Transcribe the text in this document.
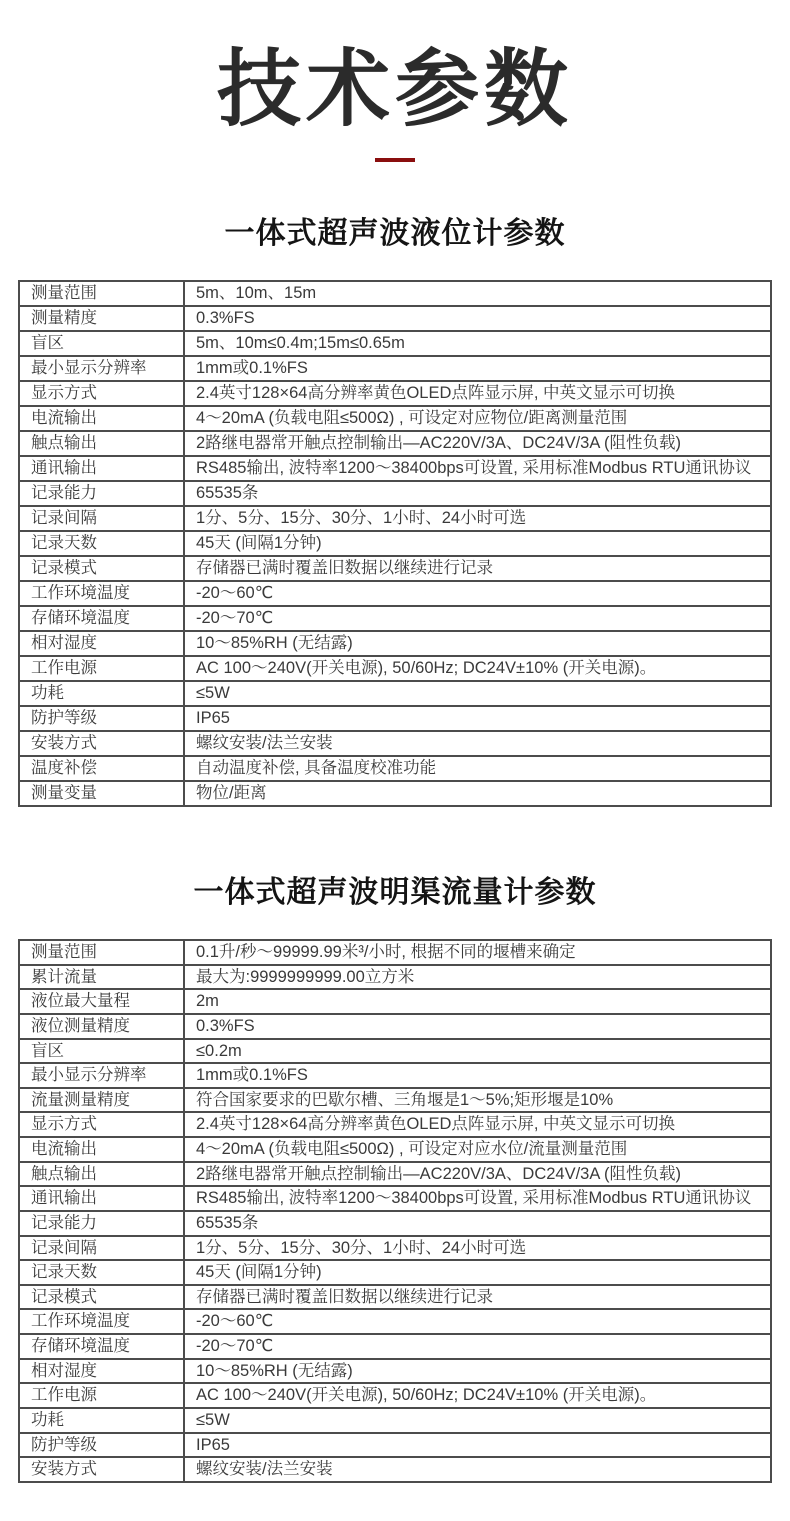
技术参数
一体式超声波液位计参数
测量范围	5m、10m、15m
测量精度	0.3%FS
盲区	5m、10m≤0.4m;15m≤0.65m
最小显示分辨率	1mm或0.1%FS
显示方式	2.4英寸128×64高分辨率黄色OLED点阵显示屏, 中英文显示可切换
电流输出	4～20mA (负载电阻≤500Ω) , 可设定对应物位/距离测量范围
触点输出	2路继电器常开触点控制输出—AC220V/3A、DC24V/3A (阻性负载)
通讯输出	RS485输出, 波特率1200～38400bps可设置, 采用标准Modbus RTU通讯协议
记录能力	65535条
记录间隔	1分、5分、15分、30分、1小时、24小时可选
记录天数	45天 (间隔1分钟)
记录模式	存储器已满时覆盖旧数据以继续进行记录
工作环境温度	-20～60℃
存储环境温度	-20～70℃
相对湿度	10～85%RH (无结露)
工作电源	AC 100～240V(开关电源), 50/60Hz; DC24V±10% (开关电源)。
功耗	≤5W
防护等级	IP65
安装方式	螺纹安装/法兰安装
温度补偿	自动温度补偿, 具备温度校准功能
测量变量	物位/距离
一体式超声波明渠流量计参数
测量范围	0.1升/秒～99999.99米³/小时, 根据不同的堰槽来确定
累计流量	最大为:9999999999.00立方米
液位最大量程	2m
液位测量精度	0.3%FS
盲区	≤0.2m
最小显示分辨率	1mm或0.1%FS
流量测量精度	符合国家要求的巴歇尔槽、三角堰是1～5%;矩形堰是10%
显示方式	2.4英寸128×64高分辨率黄色OLED点阵显示屏, 中英文显示可切换
电流输出	4～20mA (负载电阻≤500Ω) , 可设定对应水位/流量测量范围
触点输出	2路继电器常开触点控制输出—AC220V/3A、DC24V/3A (阻性负载)
通讯输出	RS485输出, 波特率1200～38400bps可设置, 采用标准Modbus RTU通讯协议
记录能力	65535条
记录间隔	1分、5分、15分、30分、1小时、24小时可选
记录天数	45天 (间隔1分钟)
记录模式	存储器已满时覆盖旧数据以继续进行记录
工作环境温度	-20～60℃
存储环境温度	-20～70℃
相对湿度	10～85%RH (无结露)
工作电源	AC 100～240V(开关电源), 50/60Hz; DC24V±10% (开关电源)。
功耗	≤5W
防护等级	IP65
安装方式	螺纹安装/法兰安装
